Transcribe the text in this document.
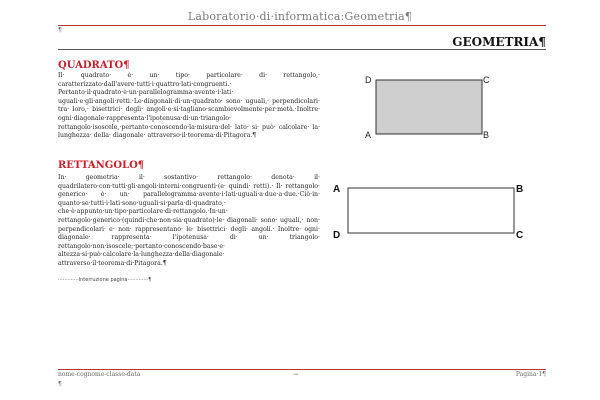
Laboratorio·di·informatica:Geometria¶
¶
GEOMETRIA¶
QUADRATO¶
Il· quadrato· è· un· tipo· particolare· di· rettangolo,· caratterizzato·dall'avere·tutti·i·quattro·lati·congruenti.· Pertanto·il·quadrato·è·un·parallelogramma·avente·i·lati· uguali·e·gli·angoli·retti.·Le·diagonali·di·un·quadrato· sono· uguali,· perpendicolari· tra· loro,· bisettrici· degli· angoli·e·si·tagliano·scambievolmente·per·metà.·Inoltre· ogni·diagonale·rappresenta·l'ipotenusa·di·un·triangolo· rettangolo·isoscele,·pertanto·conoscendo·la·misura·del· lato· si· può· calcolare· la· lunghezza· della· diagonale· attraverso·il·teorema·di·Pitagora.¶
D	C
A	B
RETTANGOLO¶
In· geometria· il· sostantivo· rettangolo· denota· il· quadrilatero·con·tutti·gli·angoli·interni·congruenti·(e· quindi· retti).· Il· rettangolo· generico· è· un· parallelogramma·avente·i·lati·uguali·a·due·a·due.·Ciò·in· quanto·se·tutti·i·lati·sono·uguali·si·parla·di·quadrato,· che·è·appunto·un·tipo·particolare·di·rettangolo.·In·un· rettangolo·generico·(quindi·che·non·sia·quadrato)·le· diagonali· sono· uguali,· non· perpendicolari· e· non· rappresentano· le· bisettrici· degli· angoli.· Inoltre· ogni· diagonale· rappresenta· l'ipotenusa· di· un· triangolo· rettangolo·non·isoscele;·pertanto·conoscendo·base·e· altezza·si·può·calcolare·la·lunghezza·della·diagonale· attraverso·il·teorema·di·Pitagora.¶
A	B
D	C
·············Interruzione pagina·············¶
nome-cognome-classe-data	→	Pagina·1¶
¶
